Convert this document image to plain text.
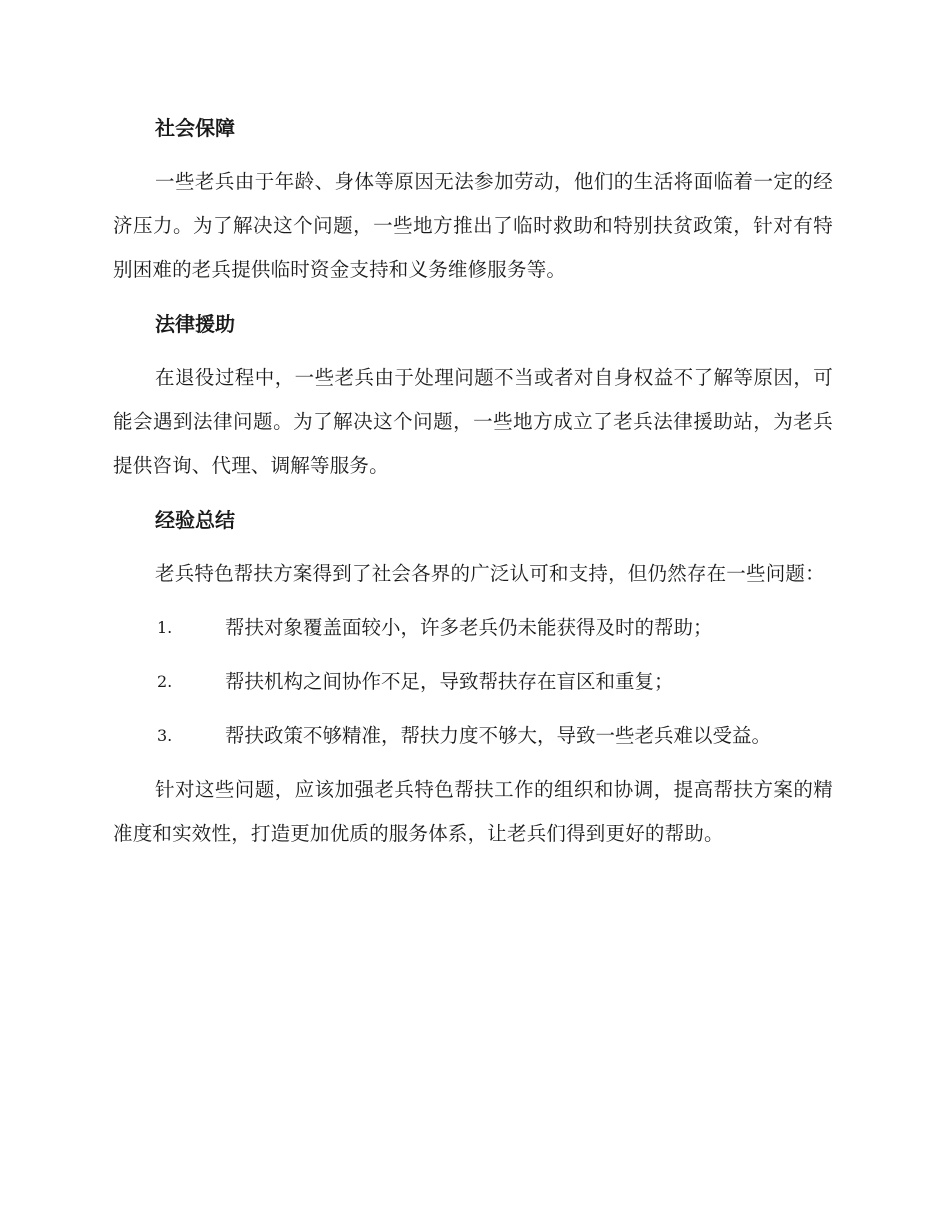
社会保障

一些老兵由于年龄、身体等原因无法参加劳动，他们的生活将面临着一定的经济压力。为了解决这个问题，一些地方推出了临时救助和特别扶贫政策，针对有特别困难的老兵提供临时资金支持和义务维修服务等。

法律援助

在退役过程中，一些老兵由于处理问题不当或者对自身权益不了解等原因，可能会遇到法律问题。为了解决这个问题，一些地方成立了老兵法律援助站，为老兵提供咨询、代理、调解等服务。

经验总结

老兵特色帮扶方案得到了社会各界的广泛认可和支持，但仍然存在一些问题：

1.	帮扶对象覆盖面较小，许多老兵仍未能获得及时的帮助；
2.	帮扶机构之间协作不足，导致帮扶存在盲区和重复；
3.	帮扶政策不够精准，帮扶力度不够大，导致一些老兵难以受益。

针对这些问题，应该加强老兵特色帮扶工作的组织和协调，提高帮扶方案的精准度和实效性，打造更加优质的服务体系，让老兵们得到更好的帮助。
